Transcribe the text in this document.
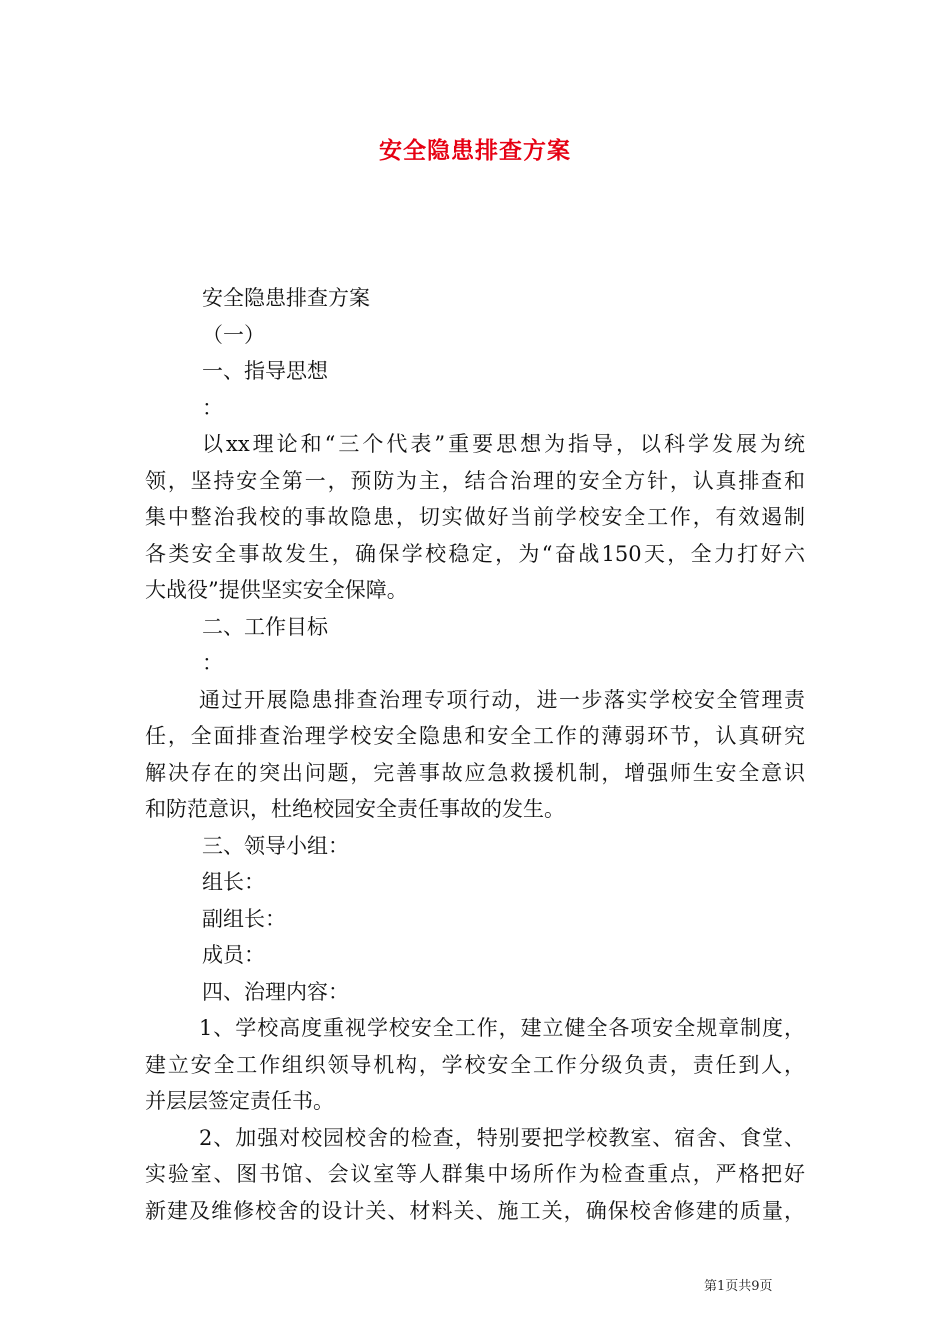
安全隐患排查方案
安全隐患排查方案
（一）
一、指导思想
：
以xx理论和“三个代表”重要思想为指导，以科学发展为统
领，坚持安全第一，预防为主，结合治理的安全方针，认真排查和
集中整治我校的事故隐患，切实做好当前学校安全工作，有效遏制
各类安全事故发生，确保学校稳定，为“奋战150天，全力打好六
大战役”提供坚实安全保障。
二、工作目标
：
通过开展隐患排查治理专项行动，进一步落实学校安全管理责
任，全面排查治理学校安全隐患和安全工作的薄弱环节，认真研究
解决存在的突出问题，完善事故应急救援机制，增强师生安全意识
和防范意识，杜绝校园安全责任事故的发生。
三、领导小组：
组长：
副组长：
成员：
四、治理内容：
1、学校高度重视学校安全工作，建立健全各项安全规章制度，
建立安全工作组织领导机构，学校安全工作分级负责，责任到人，
并层层签定责任书。
2、加强对校园校舍的检查，特别要把学校教室、宿舍、食堂、
实验室、图书馆、会议室等人群集中场所作为检查重点，严格把好
新建及维修校舍的设计关、材料关、施工关，确保校舍修建的质量，
第1页共9页
